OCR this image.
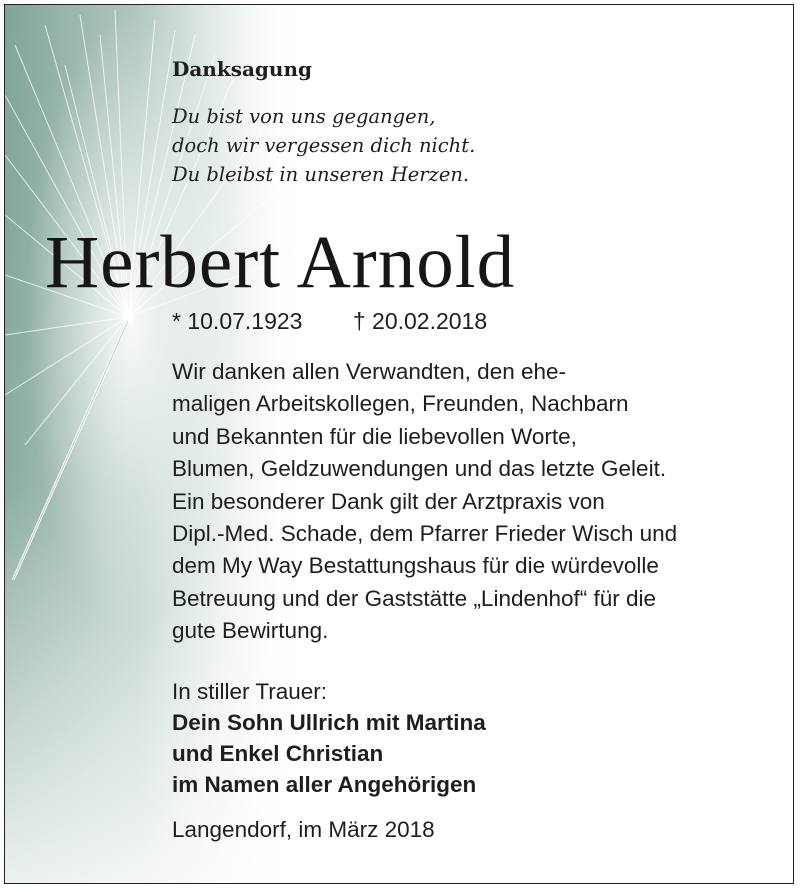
Danksagung
Du bist von uns gegangen,
doch wir vergessen dich nicht.
Du bleibst in unseren Herzen.
Herbert Arnold
* 10.07.1923 † 20.02.2018
Wir danken allen Verwandten, den ehe-
maligen Arbeitskollegen, Freunden, Nachbarn
und Bekannten für die liebevollen Worte,
Blumen, Geldzuwendungen und das letzte Geleit.
Ein besonderer Dank gilt der Arztpraxis von
Dipl.-Med. Schade, dem Pfarrer Frieder Wisch und
dem My Way Bestattungshaus für die würdevolle
Betreuung und der Gaststätte „Lindenhof“ für die
gute Bewirtung.
In stiller Trauer:
Dein Sohn Ullrich mit Martina
und Enkel Christian
im Namen aller Angehörigen
Langendorf, im März 2018
